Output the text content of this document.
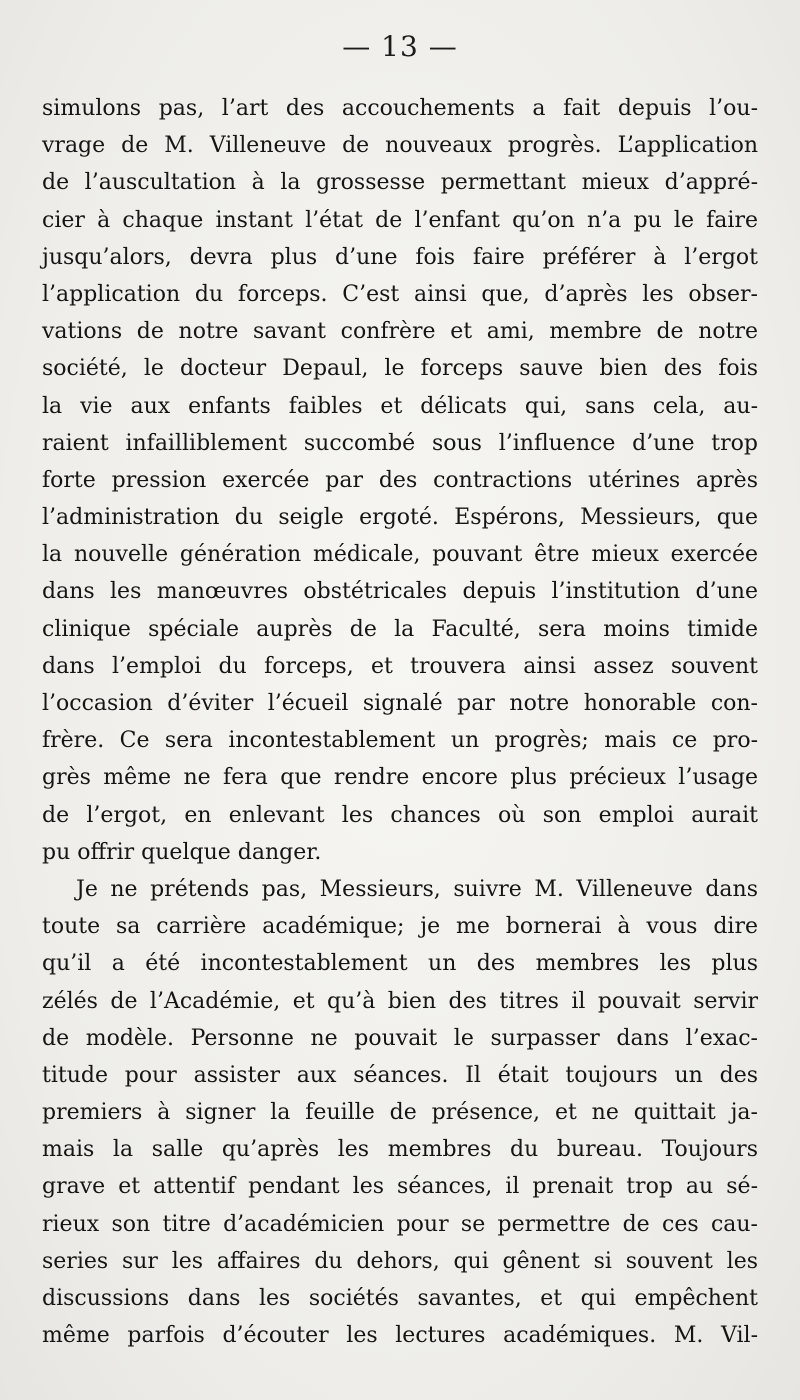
— 13 —
simulons pas, l’art des accouchements a fait depuis l’ou-
vrage de M. Villeneuve de nouveaux progrès. L’application
de l’auscultation à la grossesse permettant mieux d’appré-
cier à chaque instant l’état de l’enfant qu’on n’a pu le faire
jusqu’alors, devra plus d’une fois faire préférer à l’ergot
l’application du forceps. C’est ainsi que, d’après les obser-
vations de notre savant confrère et ami, membre de notre
société, le docteur Depaul, le forceps sauve bien des fois
la vie aux enfants faibles et délicats qui, sans cela, au-
raient infailliblement succombé sous l’influence d’une trop
forte pression exercée par des contractions utérines après
l’administration du seigle ergoté. Espérons, Messieurs, que
la nouvelle génération médicale, pouvant être mieux exercée
dans les manœuvres obstétricales depuis l’institution d’une
clinique spéciale auprès de la Faculté, sera moins timide
dans l’emploi du forceps, et trouvera ainsi assez souvent
l’occasion d’éviter l’écueil signalé par notre honorable con-
frère. Ce sera incontestablement un progrès; mais ce pro-
grès même ne fera que rendre encore plus précieux l’usage
de l’ergot, en enlevant les chances où son emploi aurait
pu offrir quelque danger.
Je ne prétends pas, Messieurs, suivre M. Villeneuve dans
toute sa carrière académique; je me bornerai à vous dire
qu’il a été incontestablement un des membres les plus
zélés de l’Académie, et qu’à bien des titres il pouvait servir
de modèle. Personne ne pouvait le surpasser dans l’exac-
titude pour assister aux séances. Il était toujours un des
premiers à signer la feuille de présence, et ne quittait ja-
mais la salle qu’après les membres du bureau. Toujours
grave et attentif pendant les séances, il prenait trop au sé-
rieux son titre d’académicien pour se permettre de ces cau-
series sur les affaires du dehors, qui gênent si souvent les
discussions dans les sociétés savantes, et qui empêchent
même parfois d’écouter les lectures académiques. M. Vil-
